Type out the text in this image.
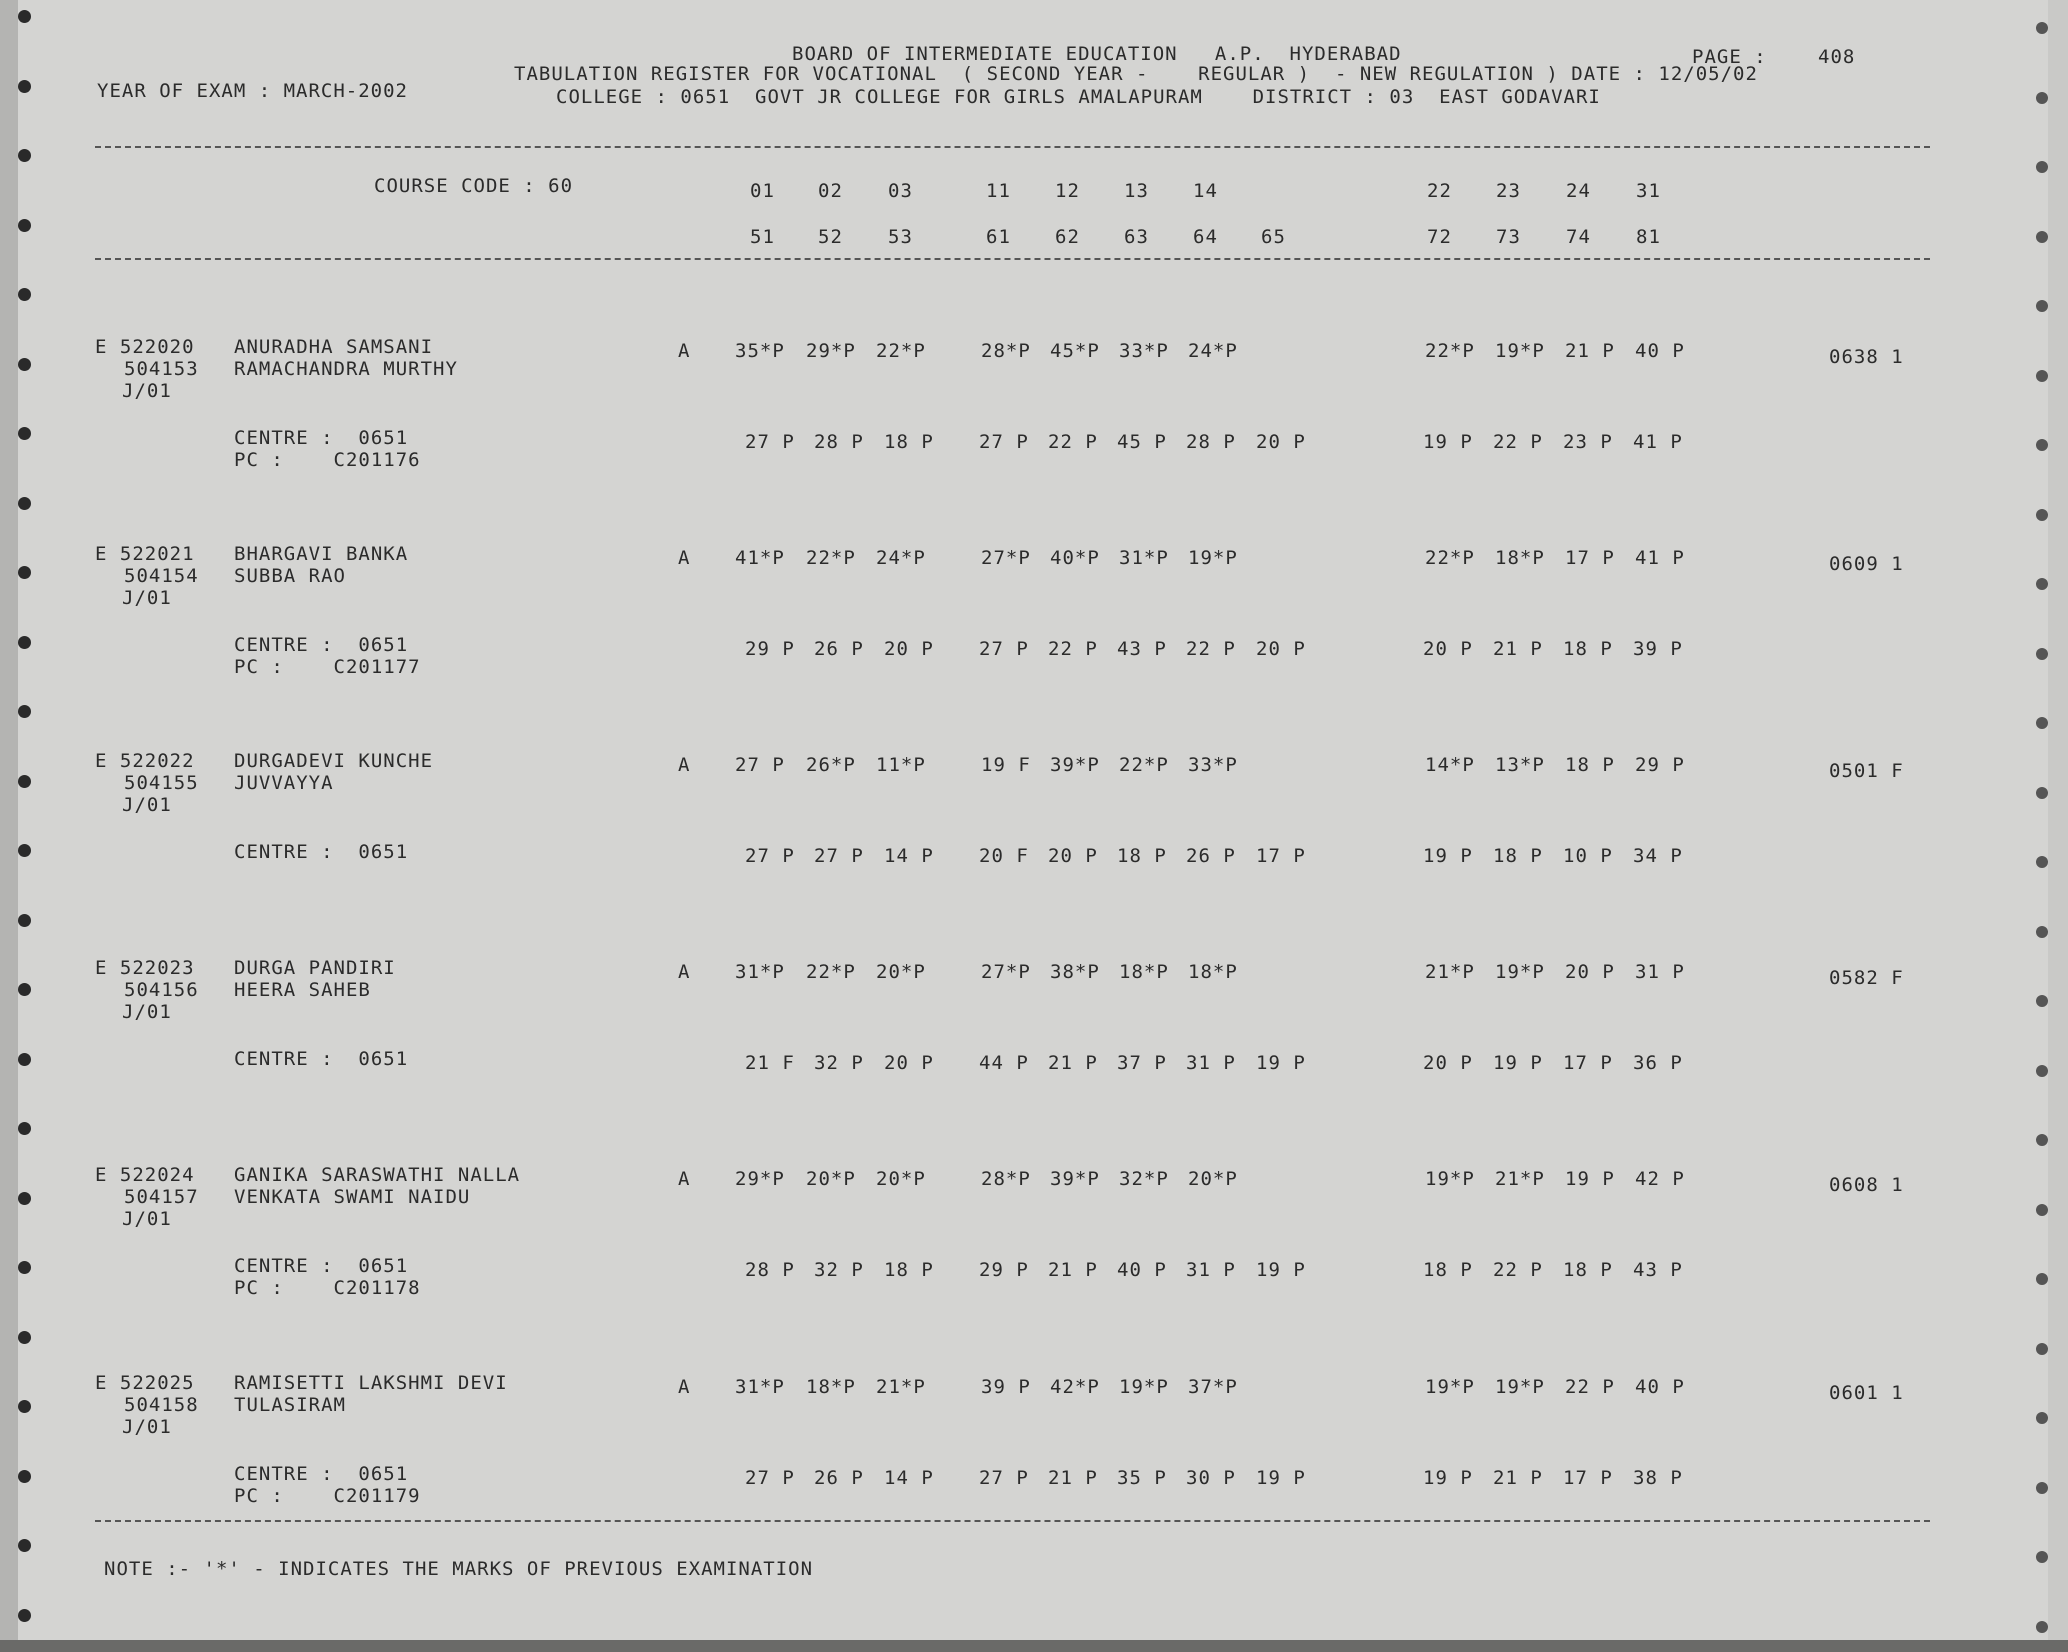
BOARD OF INTERMEDIATE EDUCATION   A.P.  HYDERABAD	PAGE :	408
TABULATION REGISTER FOR VOCATIONAL  ( SECOND YEAR -    REGULAR )  - NEW REGULATION ) DATE : 12/05/02
YEAR OF EXAM : MARCH-2002	COLLEGE : 0651  GOVT JR COLLEGE FOR GIRLS AMALAPURAM    DISTRICT : 03  EAST GODAVARI
COURSE CODE : 60	01 02 03	11 12 13 14	22 23 24 31
51 52 53	61 62 63 64 65	72 73 74 81
E 522020
504153
J/01
ANURADHA SAMSANI
RAMACHANDRA MURTHY
A 35*P 29*P 22*P	28*P 45*P 33*P 24*P	22*P 19*P 21 P 40 P	0638 1
CENTRE :  0651
PC :    C201176
27 P 28 P 18 P 27 P 22 P 45 P 28 P 20 P	19 P 22 P 23 P 41 P
E 522021
504154
J/01
BHARGAVI BANKA
SUBBA RAO
A 41*P 22*P 24*P	27*P 40*P 31*P 19*P	22*P 18*P 17 P 41 P	0609 1
CENTRE :  0651
PC :    C201177
29 P 26 P 20 P 27 P 22 P 43 P 22 P 20 P	20 P 21 P 18 P 39 P
E 522022
504155
J/01
DURGADEVI KUNCHE
JUVVAYYA
A 27 P 26*P 11*P	19 F 39*P 22*P 33*P	14*P 13*P 18 P 29 P	0501 F
CENTRE :  0651	27 P 27 P 14 P 20 F 20 P 18 P 26 P 17 P	19 P 18 P 10 P 34 P
E 522023
504156
J/01
DURGA PANDIRI
HEERA SAHEB
A 31*P 22*P 20*P	27*P 38*P 18*P 18*P	21*P 19*P 20 P 31 P	0582 F
CENTRE :  0651	21 F 32 P 20 P 44 P 21 P 37 P 31 P 19 P	20 P 19 P 17 P 36 P
E 522024
504157
J/01
GANIKA SARASWATHI NALLA
VENKATA SWAMI NAIDU
A 29*P 20*P 20*P	28*P 39*P 32*P 20*P	19*P 21*P 19 P 42 P	0608 1
CENTRE :  0651
PC :    C201178
28 P 32 P 18 P 29 P 21 P 40 P 31 P 19 P	18 P 22 P 18 P 43 P
E 522025
504158
J/01
RAMISETTI LAKSHMI DEVI
TULASIRAM
A 31*P 18*P 21*P	39 P 42*P 19*P 37*P	19*P 19*P 22 P 40 P	0601 1
CENTRE :  0651
PC :    C201179
27 P 26 P 14 P 27 P 21 P 35 P 30 P 19 P	19 P 21 P 17 P 38 P
NOTE :- '*' - INDICATES THE MARKS OF PREVIOUS EXAMINATION
